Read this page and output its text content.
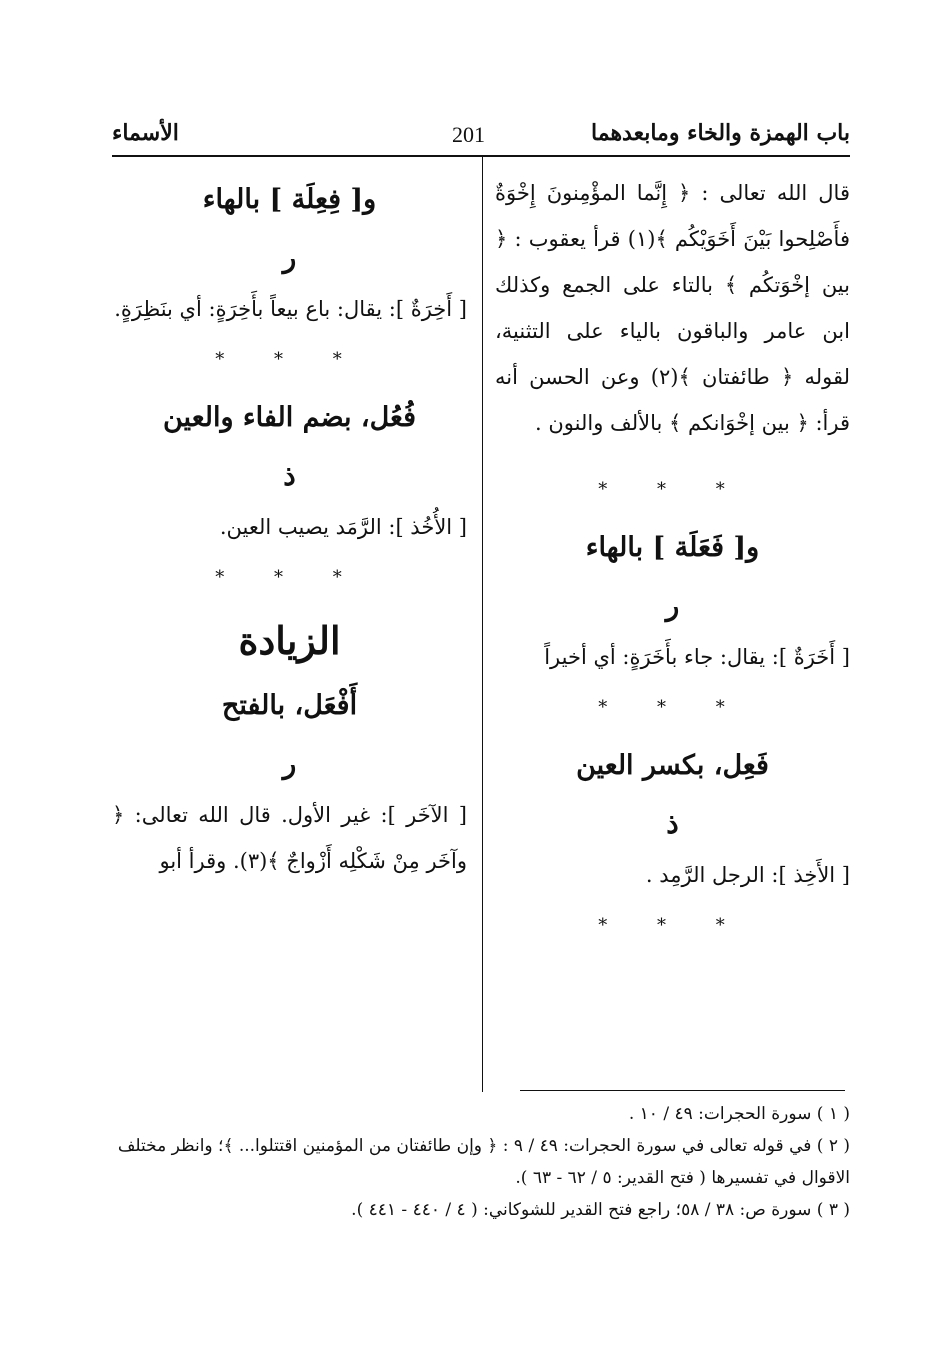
باب الهمزة والخاء ومابعدهما
201
الأسماء

قال الله تعالى : ﴿ إِنَّما المؤْمِنونَ إِخْوَةٌ فأَصْلِحوا بَيْنَ أَخَوَيْكُم ﴾(١) قرأ يعقوب : ﴿ بين إخْوَتكُم ﴾ بالتاء على الجمع وكذلك ابن عامر والباقون بالياء على التثنية، لقوله ﴿ طائفتان ﴾(٢) وعن الحسن أنه قرأ: ﴿ بين إخْوَانكم ﴾ بالألف والنون .

* * *
و[ فَعَلَة ] بالهاء
ر

[ أَخَرَةٌ ]: يقال: جاء بأَخَرَةٍ: أي أخيراً

* * *
فَعِل، بكسر العين
ذ

[ الأَخِذ ]: الرجل الرَّمِد .

* * *
و[ فِعِلَة ] بالهاء
ر

[ أَخِرَةٌ ]: يقال: باع بيعاً بأَخِرَةٍ: أي بنَظِرَةٍ.

* * *
فُعُل، بضم الفاء والعين
ذ

[ الأُخُذ ]: الرَّمَد يصيب العين.

* * *
الزيادة
أَفْعَل، بالفتح
ر

[ الآخَر ]: غير الأول. قال الله تعالى: ﴿ وآخَر مِنْ شَكْلِه أَزْواجٌ ﴾(٣). وقرأ أبو

( ١ ) سورة الحجرات: ٤٩ / ١٠ .

( ٢ ) في قوله تعالى في سورة الحجرات: ٤٩ / ٩ : ﴿ وإن طائفتان من المؤمنين اقتتلوا... ﴾؛ وانظر مختلف الاقوال في تفسيرها ( فتح القدير: ٥ / ٦٢ - ٦٣ ).

( ٣ ) سورة ص: ٣٨ / ٥٨؛ راجع فتح القدير للشوكاني: ( ٤ / ٤٤٠ - ٤٤١ ).
